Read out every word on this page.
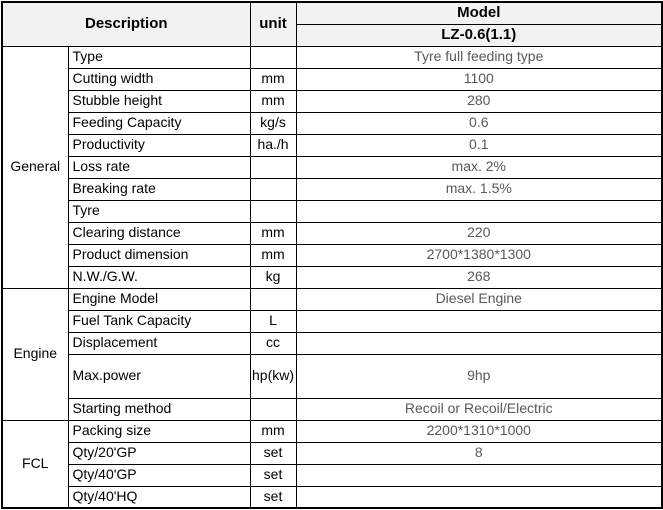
Description		unit	Model
			LZ-0.6(1.1)
General	Type		Tyre full feeding type
	Cutting width	mm	1100
	Stubble height	mm	280
	Feeding Capacity	kg/s	0.6
	Productivity	ha./h	0.1
	Loss rate		max. 2%
	Breaking rate		max. 1.5%
	Tyre		
	Clearing distance	mm	220
	Product dimension	mm	2700*1380*1300
	N.W./G.W.	kg	268
Engine	Engine Model		Diesel Engine
	Fuel Tank Capacity	L	
	Displacement	cc	
	Max.power	hp(kw)	9hp
	Starting method		Recoil or Recoil/Electric
FCL	Packing size	mm	2200*1310*1000
	Qty/20'GP	set	8
	Qty/40'GP	set	
	Qty/40'HQ	set	
